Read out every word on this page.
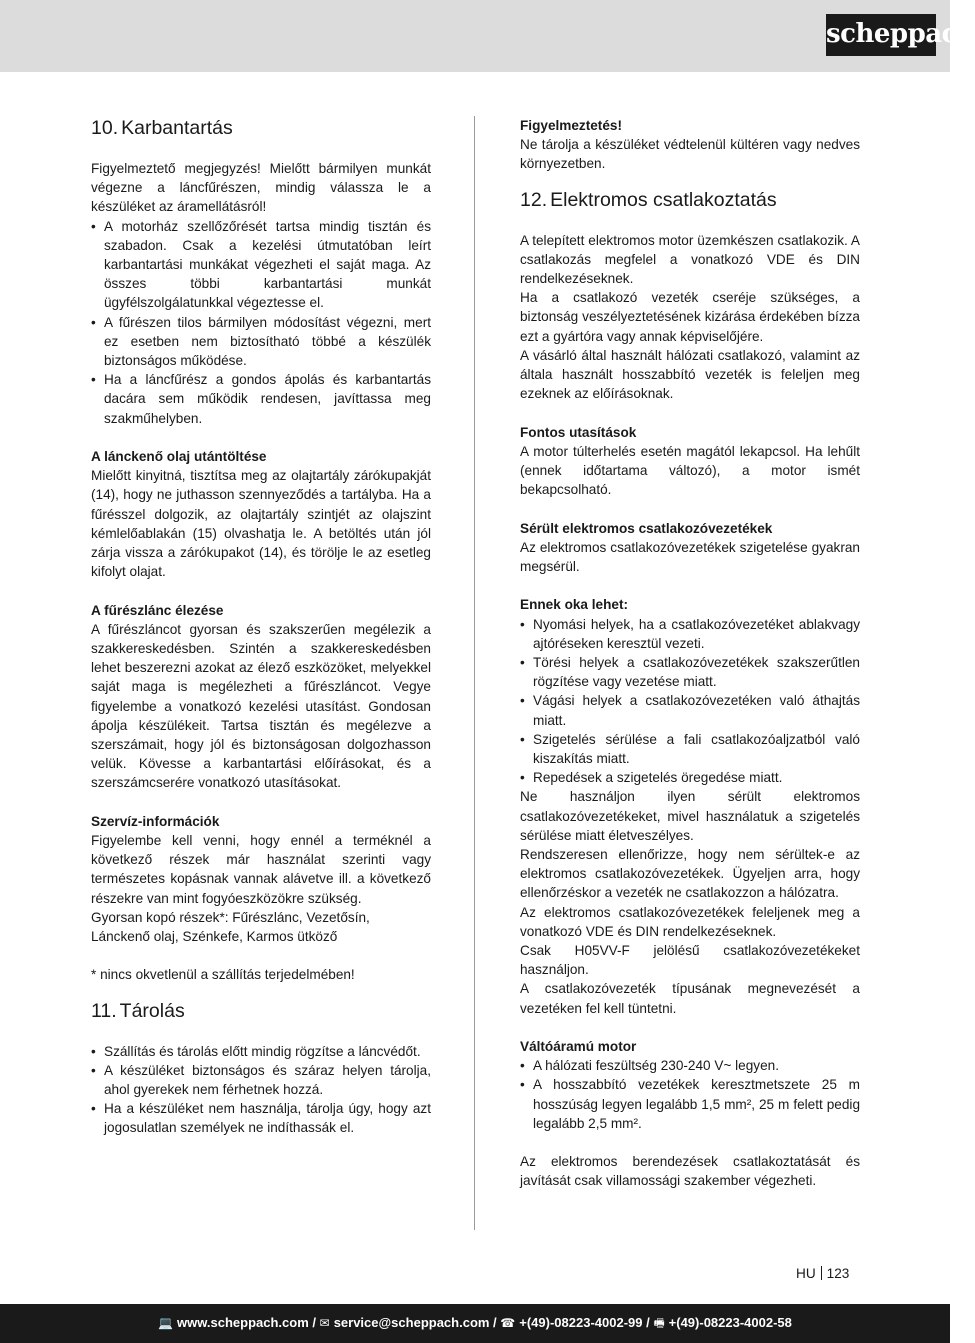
scheppach
10. Karbantartás

Figyelmeztető megjegyzés! Mielőtt bármilyen munkát végezne a láncfűrészen, mindig válassza le a készüléket az áramellátásról!

• A motorház szellőzőrését tartsa mindig tisztán és szabadon. Csak a kezelési útmutatóban leírt karbantartási munkákat végezheti el saját maga. Az összes többi karbantartási munkát ügyfélszolgálatunkkal végeztesse el.
• A fűrészen tilos bármilyen módosítást végezni, mert ez esetben nem biztosítható többé a készülék biztonságos működése.
• Ha a láncfűrész a gondos ápolás és karbantartás dacára sem működik rendesen, javíttassa meg szakműhelyben.

A lánckenő olaj utántöltése

Mielőtt kinyitná, tisztítsa meg az olajtartály zárókupakját (14), hogy ne juthasson szennyeződés a tartályba. Ha a fűrésszel dolgozik, az olajtartály szintjét az olajszint kémlelőablakán (15) olvashatja le. A betöltés után jól zárja vissza a zárókupakot (14), és törölje le az esetleg kifolyt olajat.

A fűrészlánc élezése

A fűrészláncot gyorsan és szakszerűen megélezik a szakkereskedésben. Szintén a szakkereskedésben lehet beszerezni azokat az élező eszközöket, melyekkel saját maga is megélezheti a fűrészláncot. Vegye figyelembe a vonatkozó kezelési utasítást. Gondosan ápolja készülékeit. Tartsa tisztán és megélezve a szerszámait, hogy jól és biztonságosan dolgozhasson velük. Kövesse a karbantartási előírásokat, és a szerszámcserére vonatkozó utasításokat.

Szervíz-információk

Figyelembe kell venni, hogy ennél a terméknél a következő részek már használat szerinti vagy természetes kopásnak vannak alávetve ill. a következő részekre van mint fogyóeszközökre szükség.

Gyorsan kopó részek*: Fűrészlánc, Vezetősín, Lánckenő olaj, Szénkefe, Karmos ütköző

* nincs okvetlenül a szállítás terjedelmében!

11. Tárolás
• Szállítás és tárolás előtt mindig rögzítse a láncvédőt.
• A készüléket biztonságos és száraz helyen tárolja, ahol gyerekek nem férhetnek hozzá.
• Ha a készüléket nem használja, tárolja úgy, hogy azt jogosulatlan személyek ne indíthassák el.

Figyelmeztetés!

Ne tárolja a készüléket védtelenül kültéren vagy nedves környezetben.

12. Elektromos csatlakoztatás

A telepített elektromos motor üzemkészen csatlakozik. A csatlakozás megfelel a vonatkozó VDE és DIN rendelkezéseknek.

Ha a csatlakozó vezeték cseréje szükséges, a biztonság veszélyeztetésének kizárása érdekében bízza ezt a gyártóra vagy annak képviselőjére.

A vásárló által használt hálózati csatlakozó, valamint az általa használt hosszabbító vezeték is feleljen meg ezeknek az előírásoknak.

Fontos utasítások

A motor túlterhelés esetén magától lekapcsol. Ha lehűlt (ennek időtartama változó), a motor ismét bekapcsolható.

Sérült elektromos csatlakozóvezetékek

Az elektromos csatlakozóvezetékek szigetelése gyakran megsérül.

Ennek oka lehet:

• Nyomási helyek, ha a csatlakozóvezetéket ablakvagy ajtóréseken keresztül vezeti.
• Törési helyek a csatlakozóvezetékek szakszerűtlen rögzítése vagy vezetése miatt.
• Vágási helyek a csatlakozóvezetéken való áthajtás miatt.
• Szigetelés sérülése a fali csatlakozóaljzatból való kiszakítás miatt.
• Repedések a szigetelés öregedése miatt.

Ne használjon ilyen sérült elektromos csatlakozóvezetékeket, mivel használatuk a szigetelés sérülése miatt életveszélyes.

Rendszeresen ellenőrizze, hogy nem sérültek-e az elektromos csatlakozóvezetékek. Ügyeljen arra, hogy ellenőrzéskor a vezeték ne csatlakozzon a hálózatra.

Az elektromos csatlakozóvezetékek feleljenek meg a vonatkozó VDE és DIN rendelkezéseknek.

Csak H05VV-F jelölésű csatlakozóvezetékeket használjon.

A csatlakozóvezeték típusának megnevezését a vezetéken fel kell tüntetni.

Váltóáramú motor

• A hálózati feszültség 230-240 V~ legyen.
• A hosszabbító vezetékek keresztmetszete 25 m hosszúság legyen legalább 1,5 mm², 25 m felett pedig legalább 2,5 mm².

Az elektromos berendezések csatlakoztatását és javítását csak villamossági szakember végezheti.

HU 123
💻 www.scheppach.com / ✉ service@scheppach.com / ☎ +(49)-08223-4002-99 / 🖷 +(49)-08223-4002-58
